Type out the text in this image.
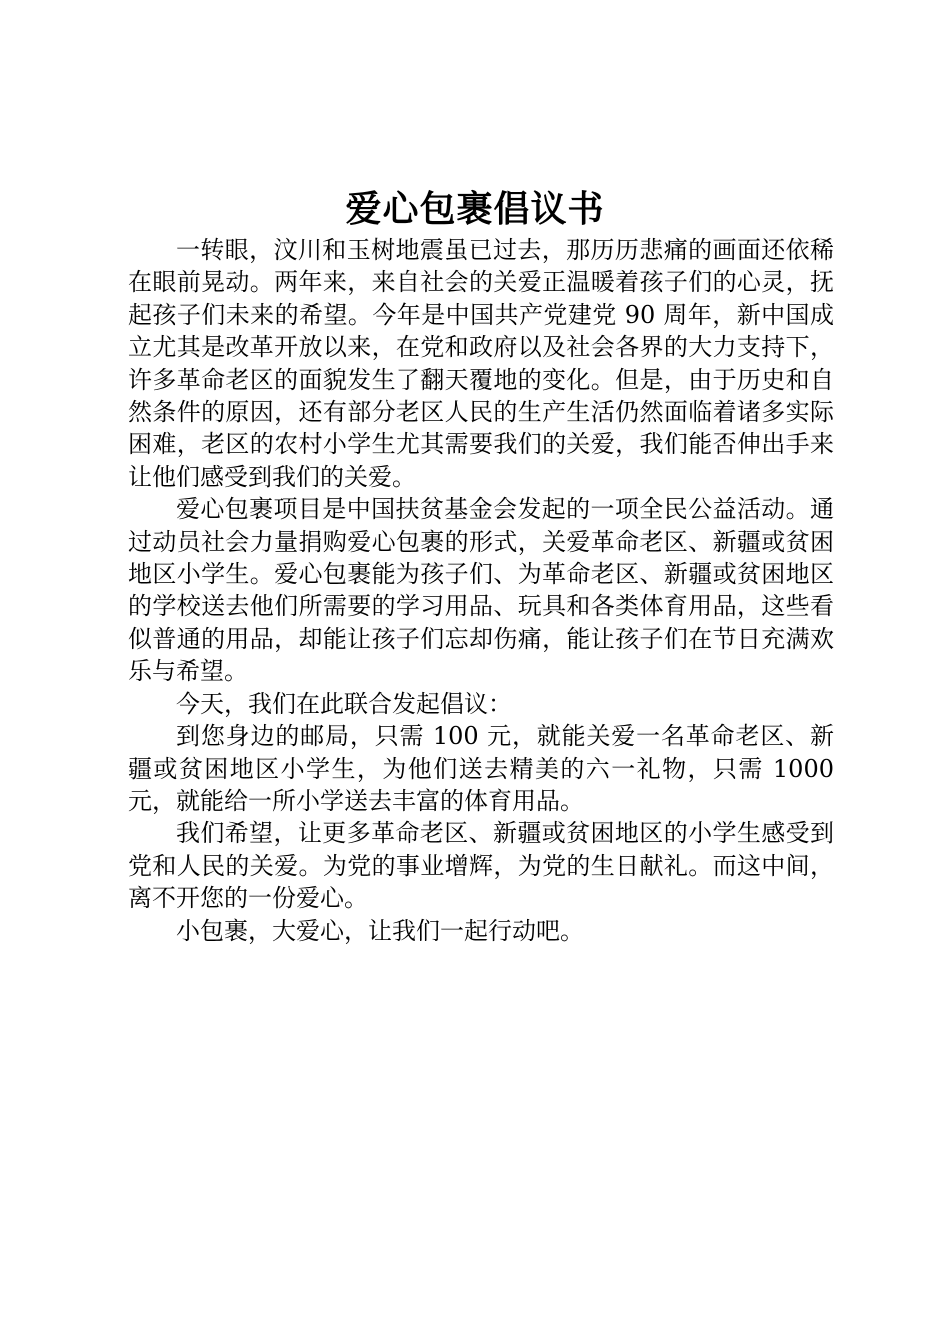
爱心包裹倡议书

一转眼，汶川和玉树地震虽已过去，那历历悲痛的画面还依稀在眼前晃动。两年来，来自社会的关爱正温暖着孩子们的心灵，抚起孩子们未来的希望。今年是中国共产党建党 90 周年，新中国成立尤其是改革开放以来，在党和政府以及社会各界的大力支持下，许多革命老区的面貌发生了翻天覆地的变化。但是，由于历史和自然条件的原因，还有部分老区人民的生产生活仍然面临着诸多实际困难，老区的农村小学生尤其需要我们的关爱，我们能否伸出手来让他们感受到我们的关爱。

爱心包裹项目是中国扶贫基金会发起的一项全民公益活动。通过动员社会力量捐购爱心包裹的形式，关爱革命老区、新疆或贫困地区小学生。爱心包裹能为孩子们、为革命老区、新疆或贫困地区的学校送去他们所需要的学习用品、玩具和各类体育用品，这些看似普通的用品，却能让孩子们忘却伤痛，能让孩子们在节日充满欢乐与希望。

今天，我们在此联合发起倡议：

到您身边的邮局，只需 100 元，就能关爱一名革命老区、新疆或贫困地区小学生，为他们送去精美的六一礼物，只需 1000 元，就能给一所小学送去丰富的体育用品。

我们希望，让更多革命老区、新疆或贫困地区的小学生感受到党和人民的关爱。为党的事业增辉，为党的生日献礼。而这中间，离不开您的一份爱心。

小包裹，大爱心，让我们一起行动吧。
